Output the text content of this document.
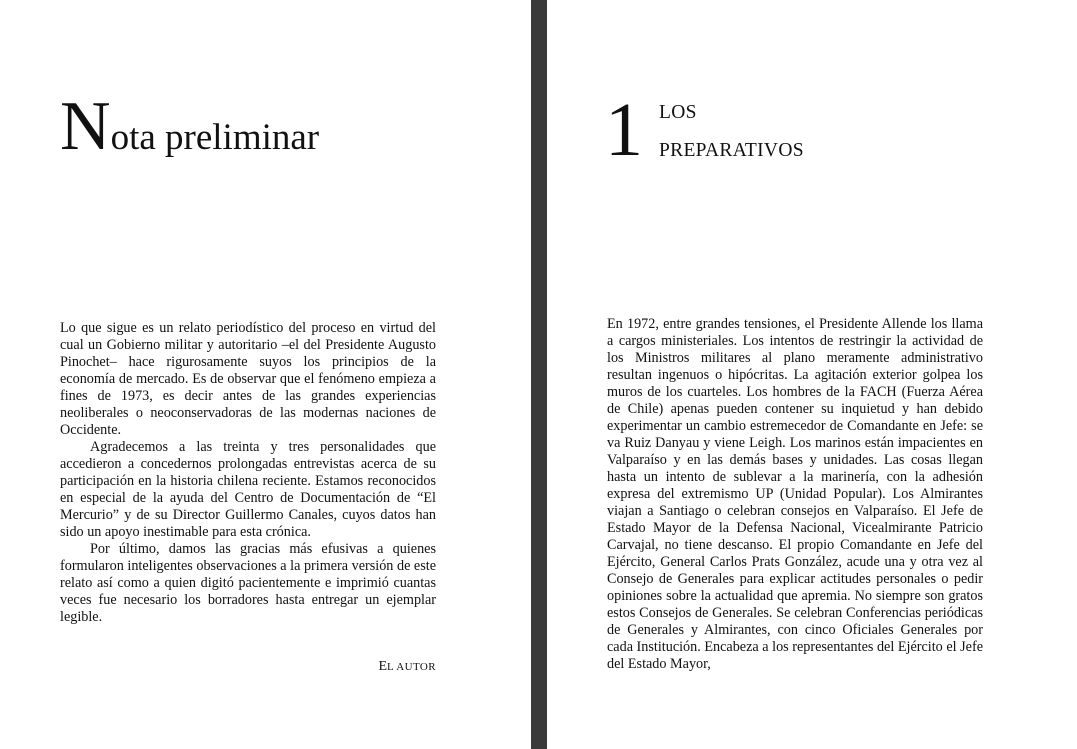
Nota preliminar

Lo que sigue es un relato periodístico del proceso en virtud del cual un Gobierno militar y autoritario –el del Presidente Augusto Pinochet– hace rigurosamente suyos los principios de la economía de mercado. Es de observar que el fenómeno empieza a fines de 1973, es decir antes de las grandes experiencias neoliberales o neoconservadoras de las modernas naciones de Occidente.

Agradecemos a las treinta y tres personalidades que accedieron a concedernos prolongadas entrevistas acerca de su participación en la historia chilena reciente. Estamos reconocidos en especial de la ayuda del Centro de Documentación de “El Mercurio” y de su Director Guillermo Canales, cuyos datos han sido un apoyo inestimable para esta crónica.

Por último, damos las gracias más efusivas a quienes formularon inteligentes observaciones a la primera versión de este relato así como a quien digitó pacientemente e imprimió cuantas veces fue necesario los borradores hasta entregar un ejemplar legible.

EL AUTOR
1 LOS
PREPARATIVOS

En 1972, entre grandes tensiones, el Presidente Allende los llama a cargos ministeriales. Los intentos de restringir la actividad de los Ministros militares al plano meramente administrativo resultan ingenuos o hipócritas. La agitación exterior golpea los muros de los cuarteles. Los hombres de la FACH (Fuerza Aérea de Chile) apenas pueden contener su inquietud y han debido experimentar un cambio estremecedor de Comandante en Jefe: se va Ruiz Danyau y viene Leigh. Los marinos están impacientes en Valparaíso y en las demás bases y unidades. Las cosas llegan hasta un intento de sublevar a la marinería, con la adhesión expresa del extremismo UP (Unidad Popular). Los Almirantes viajan a Santiago o celebran consejos en Valparaíso. El Jefe de Estado Mayor de la Defensa Nacional, Vicealmirante Patricio Carvajal, no tiene descanso. El propio Comandante en Jefe del Ejército, General Carlos Prats González, acude una y otra vez al Consejo de Generales para explicar actitudes personales o pedir opiniones sobre la actualidad que apremia. No siempre son gratos estos Consejos de Generales. Se celebran Conferencias periódicas de Generales y Almirantes, con cinco Oficiales Generales por cada Institución. Encabeza a los representantes del Ejército el Jefe del Estado Mayor,
